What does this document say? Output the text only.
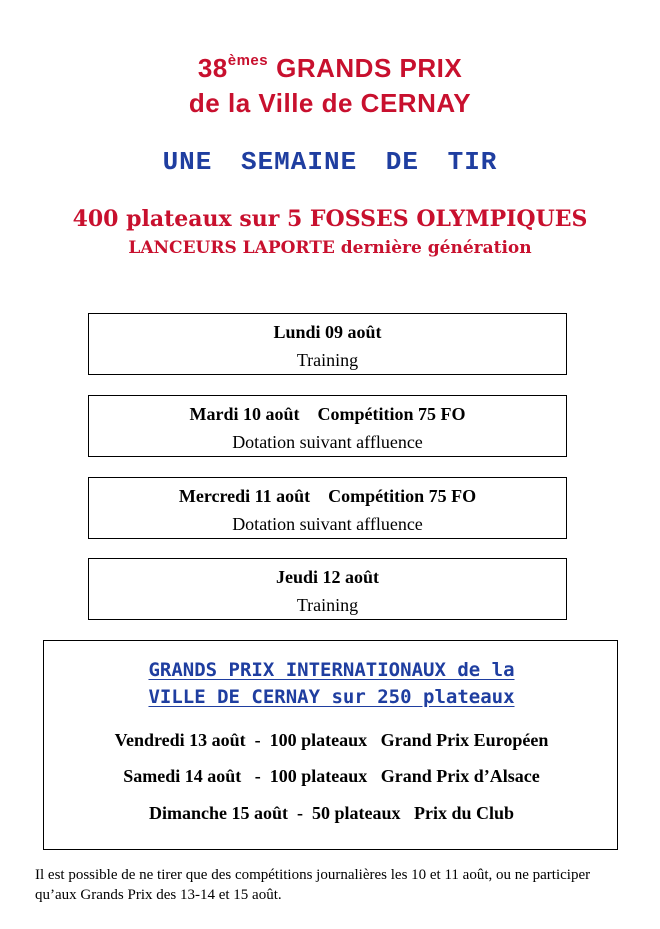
38èmes GRANDS PRIX
de la Ville de CERNAY
UNE SEMAINE DE TIR
400 plateaux sur 5 FOSSES OLYMPIQUES
LANCEURS LAPORTE dernière génération
Lundi 09 août
Training
Mardi 10 août Compétition 75 FO
Dotation suivant affluence
Mercredi 11 août Compétition 75 FO
Dotation suivant affluence
Jeudi 12 août
Training
GRANDS PRIX INTERNATIONAUX de la
VILLE DE CERNAY sur 250 plateaux
Vendredi 13 août  -  100 plateaux   Grand Prix Européen
Samedi 14 août   -  100 plateaux   Grand Prix d’Alsace
Dimanche 15 août  -  50 plateaux   Prix du Club
Il est possible de ne tirer que des compétitions journalières les 10 et 11 août, ou ne participer qu’aux Grands Prix des 13-14 et 15 août.
